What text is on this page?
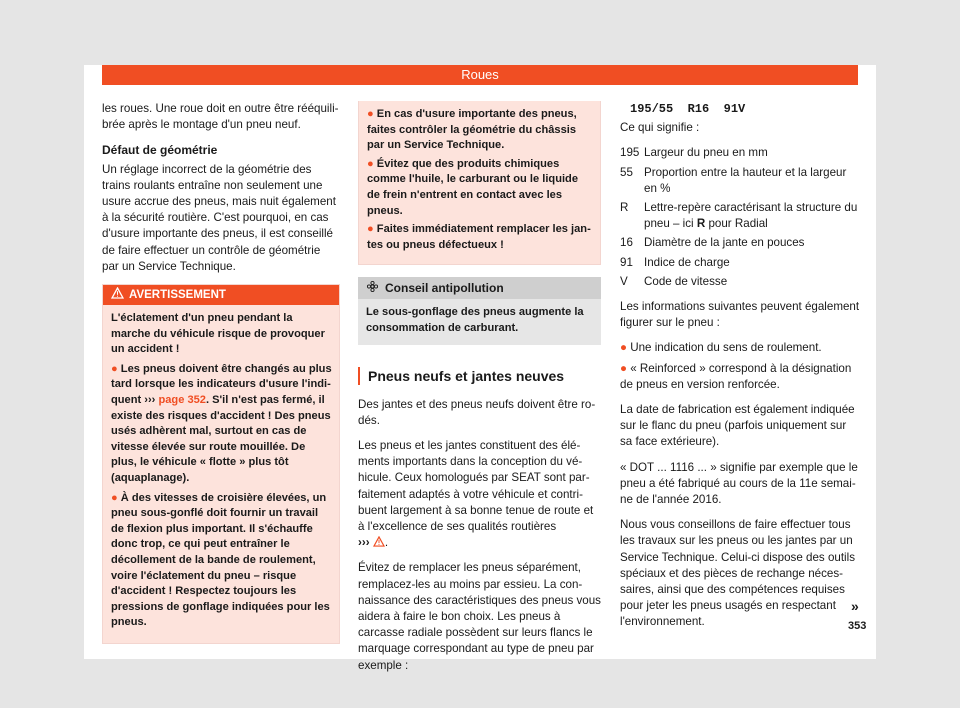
Roues

les roues. Une roue doit en outre être rééquilibrée après le montage d'un pneu neuf.

Défaut de géométrie

Un réglage incorrect de la géométrie des trains roulants entraîne non seulement une usure accrue des pneus, mais nuit également à la sécurité routière. C'est pourquoi, en cas d'usure importante des pneus, il est conseillé de faire effectuer un contrôle de géométrie par un Service Technique.

AVERTISSEMENT

L'éclatement d'un pneu pendant la marche du véhicule risque de provoquer un accident !

● Les pneus doivent être changés au plus tard lorsque les indicateurs d'usure l'indiquent ››› page 352. S'il n'est pas fermé, il existe des risques d'accident ! Des pneus usés adhèrent mal, surtout en cas de vitesse élevée sur route mouillée. De plus, le véhicule « flotte » plus tôt (aquaplanage).

● À des vitesses de croisière élevées, un pneu sous-gonflé doit fournir un travail de flexion plus important. Il s'échauffe donc trop, ce qui peut entraîner le décollement de la bande de roulement, voire l'éclatement du pneu – risque d'accident ! Respectez toujours les pressions de gonflage indiquées pour les pneus.

● En cas d'usure importante des pneus, faites contrôler la géométrie du châssis par un Service Technique.

● Évitez que des produits chimiques comme l'huile, le carburant ou le liquide de frein n'entrent en contact avec les pneus.

● Faites immédiatement remplacer les jantes ou pneus défectueux !

Conseil antipollution
Le sous-gonflage des pneus augmente la consommation de carburant.
Pneus neufs et jantes neuves

Des jantes et des pneus neufs doivent être rodés.

Les pneus et les jantes constituent des éléments importants dans la conception du véhicule. Ceux homologués par SEAT sont parfaitement adaptés à votre véhicule et contribuent largement à sa bonne tenue de route et à l'excellence de ses qualités routières
››› .

Évitez de remplacer les pneus séparément, remplacez-les au moins par essieu. La connaissance des caractéristiques des pneus vous aidera à faire le bon choix. Les pneus à carcasse radiale possèdent sur leurs flancs le marquage correspondant au type de pneu par exemple :

195/55  R16  91V

Ce qui signifie :

195	Largeur du pneu en mm
55	Proportion entre la hauteur et la largeur en %
R	Lettre-repère caractérisant la structure du pneu – ici R pour Radial
16	Diamètre de la jante en pouces
91	Indice de charge
V	Code de vitesse

Les informations suivantes peuvent également figurer sur le pneu :

● Une indication du sens de roulement.

● « Reinforced » correspond à la désignation de pneus en version renforcée.

La date de fabrication est également indiquée sur le flanc du pneu (parfois uniquement sur sa face extérieure).

« DOT ... 1116 ... » signifie par exemple que le pneu a été fabriqué au cours de la 11e semaine de l'année 2016.

Nous vous conseillons de faire effectuer tous les travaux sur les pneus ou les jantes par un Service Technique. Celui-ci dispose des outils spéciaux et des pièces de rechange nécessaires, ainsi que des compétences requises pour jeter les pneus usagés en respectant l'environnement.

»
353
